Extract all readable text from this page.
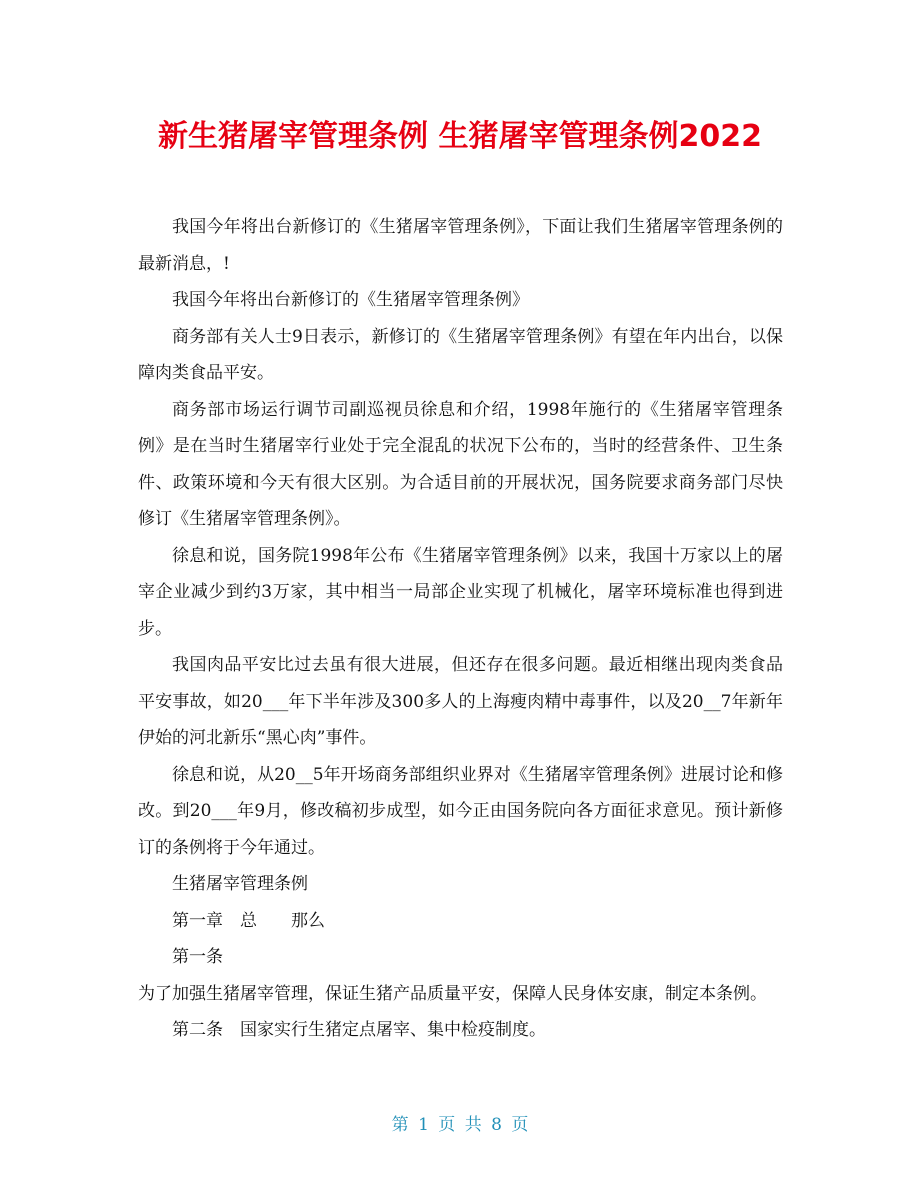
新生猪屠宰管理条例 生猪屠宰管理条例2022

我国今年将出台新修订的《生猪屠宰管理条例》，下面让我们生猪屠宰管理条例的最新消息，!

我国今年将出台新修订的《生猪屠宰管理条例》

商务部有关人士9日表示，新修订的《生猪屠宰管理条例》有望在年内出台，以保障肉类食品平安。

商务部市场运行调节司副巡视员徐息和介绍，1998年施行的《生猪屠宰管理条例》是在当时生猪屠宰行业处于完全混乱的状况下公布的，当时的经营条件、卫生条件、政策环境和今天有很大区别。为合适目前的开展状况，国务院要求商务部门尽快修订《生猪屠宰管理条例》。

徐息和说，国务院1998年公布《生猪屠宰管理条例》以来，我国十万家以上的屠宰企业减少到约3万家，其中相当一局部企业实现了机械化，屠宰环境标准也得到进步。

我国肉品平安比过去虽有很大进展，但还存在很多问题。最近相继出现肉类食品平安事故，如20___年下半年涉及300多人的上海瘦肉精中毒事件，以及20__7年新年伊始的河北新乐“黑心肉”事件。

徐息和说，从20__5年开场商务部组织业界对《生猪屠宰管理条例》进展讨论和修改。到20___年9月，修改稿初步成型，如今正由国务院向各方面征求意见。预计新修订的条例将于今年通过。

生猪屠宰管理条例

第一章　总　　那么

第一条

为了加强生猪屠宰管理，保证生猪产品质量平安，保障人民身体安康，制定本条例。

第二条　国家实行生猪定点屠宰、集中检疫制度。

第 1 页 共 8 页
